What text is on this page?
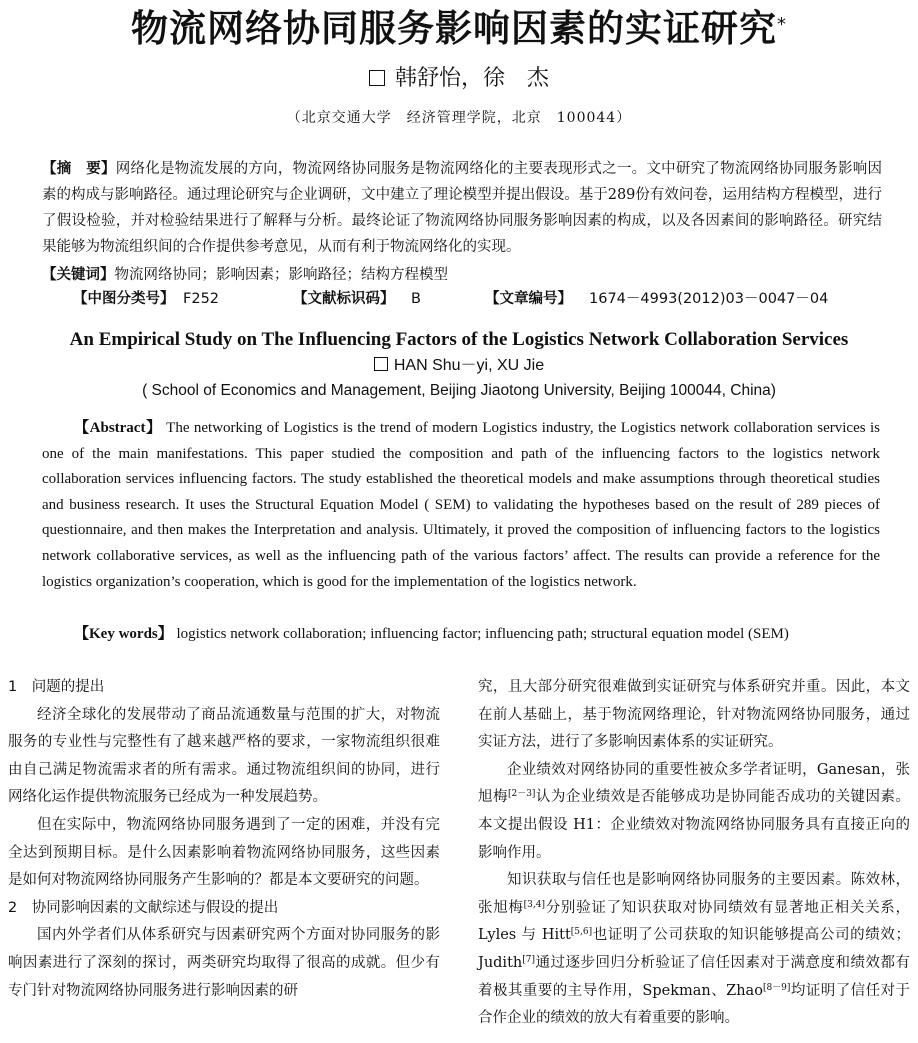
物流网络协同服务影响因素的实证研究*
韩舒怡，徐　杰
（北京交通大学　经济管理学院，北京　100044）
【摘　要】网络化是物流发展的方向，物流网络协同服务是物流网络化的主要表现形式之一。文中研究了物流网络协同服务影响因素的构成与影响路径。通过理论研究与企业调研，文中建立了理论模型并提出假设。基于289份有效问卷，运用结构方程模型，进行了假设检验，并对检验结果进行了解释与分析。最终论证了物流网络协同服务影响因素的构成，以及各因素间的影响路径。研究结果能够为物流组织间的合作提供参考意见，从而有利于物流网络化的实现。
【关键词】物流网络协同；影响因素；影响路径；结构方程模型
【中图分类号】 F252	【文献标识码】 B	【文章编号】 1674－4993(2012)03－0047－04
An Empirical Study on The Influencing Factors of the Logistics Network Collaboration Services
HAN Shu－yi, XU Jie
( School of Economics and Management, Beijing Jiaotong University, Beijing 100044, China)
【Abstract】 The networking of Logistics is the trend of modern Logistics industry, the Logistics network collaboration services is one of the main manifestations. This paper studied the composition and path of the influencing factors to the logistics network collaboration services influencing factors. The study established the theoretical models and make assumptions through theoretical studies and business research. It uses the Structural Equation Model ( SEM) to validating the hypotheses based on the result of 289 pieces of questionnaire, and then makes the Interpretation and analysis. Ultimately, it proved the composition of influencing factors to the logistics network collaborative services, as well as the influencing path of the various factors’ affect. The results can provide a reference for the logistics organization’s cooperation, which is good for the implementation of the logistics network.
【Key words】 logistics network collaboration; influencing factor; influencing path; structural equation model (SEM)
1　问题的提出

经济全球化的发展带动了商品流通数量与范围的扩大，对物流服务的专业性与完整性有了越来越严格的要求，一家物流组织很难由自己满足物流需求者的所有需求。通过物流组织间的协同，进行网络化运作提供物流服务已经成为一种发展趋势。

但在实际中，物流网络协同服务遇到了一定的困难，并没有完全达到预期目标。是什么因素影响着物流网络协同服务，这些因素是如何对物流网络协同服务产生影响的？都是本文要研究的问题。

2　协同影响因素的文献综述与假设的提出

国内外学者们从体系研究与因素研究两个方面对协同服务的影响因素进行了深刻的探讨，两类研究均取得了很高的成就。但少有专门针对物流网络协同服务进行影响因素的研

究，且大部分研究很难做到实证研究与体系研究并重。因此，本文在前人基础上，基于物流网络理论，针对物流网络协同服务，通过实证方法，进行了多影响因素体系的实证研究。

企业绩效对网络协同的重要性被众多学者证明，Ganesan，张旭梅[2－3]认为企业绩效是否能够成功是协同能否成功的关键因素。本文提出假设 H1：企业绩效对物流网络协同服务具有直接正向的影响作用。

知识获取与信任也是影响网络协同服务的主要因素。陈效林，张旭梅[3,4]分别验证了知识获取对协同绩效有显著地正相关关系，Lyles 与 Hitt[5,6]也证明了公司获取的知识能够提高公司的绩效；Judith[7]通过逐步回归分析验证了信任因素对于满意度和绩效都有着极其重要的主导作用，Spekman、Zhao[8－9]均证明了信任对于合作企业的绩效的放大有着重要的影响。
